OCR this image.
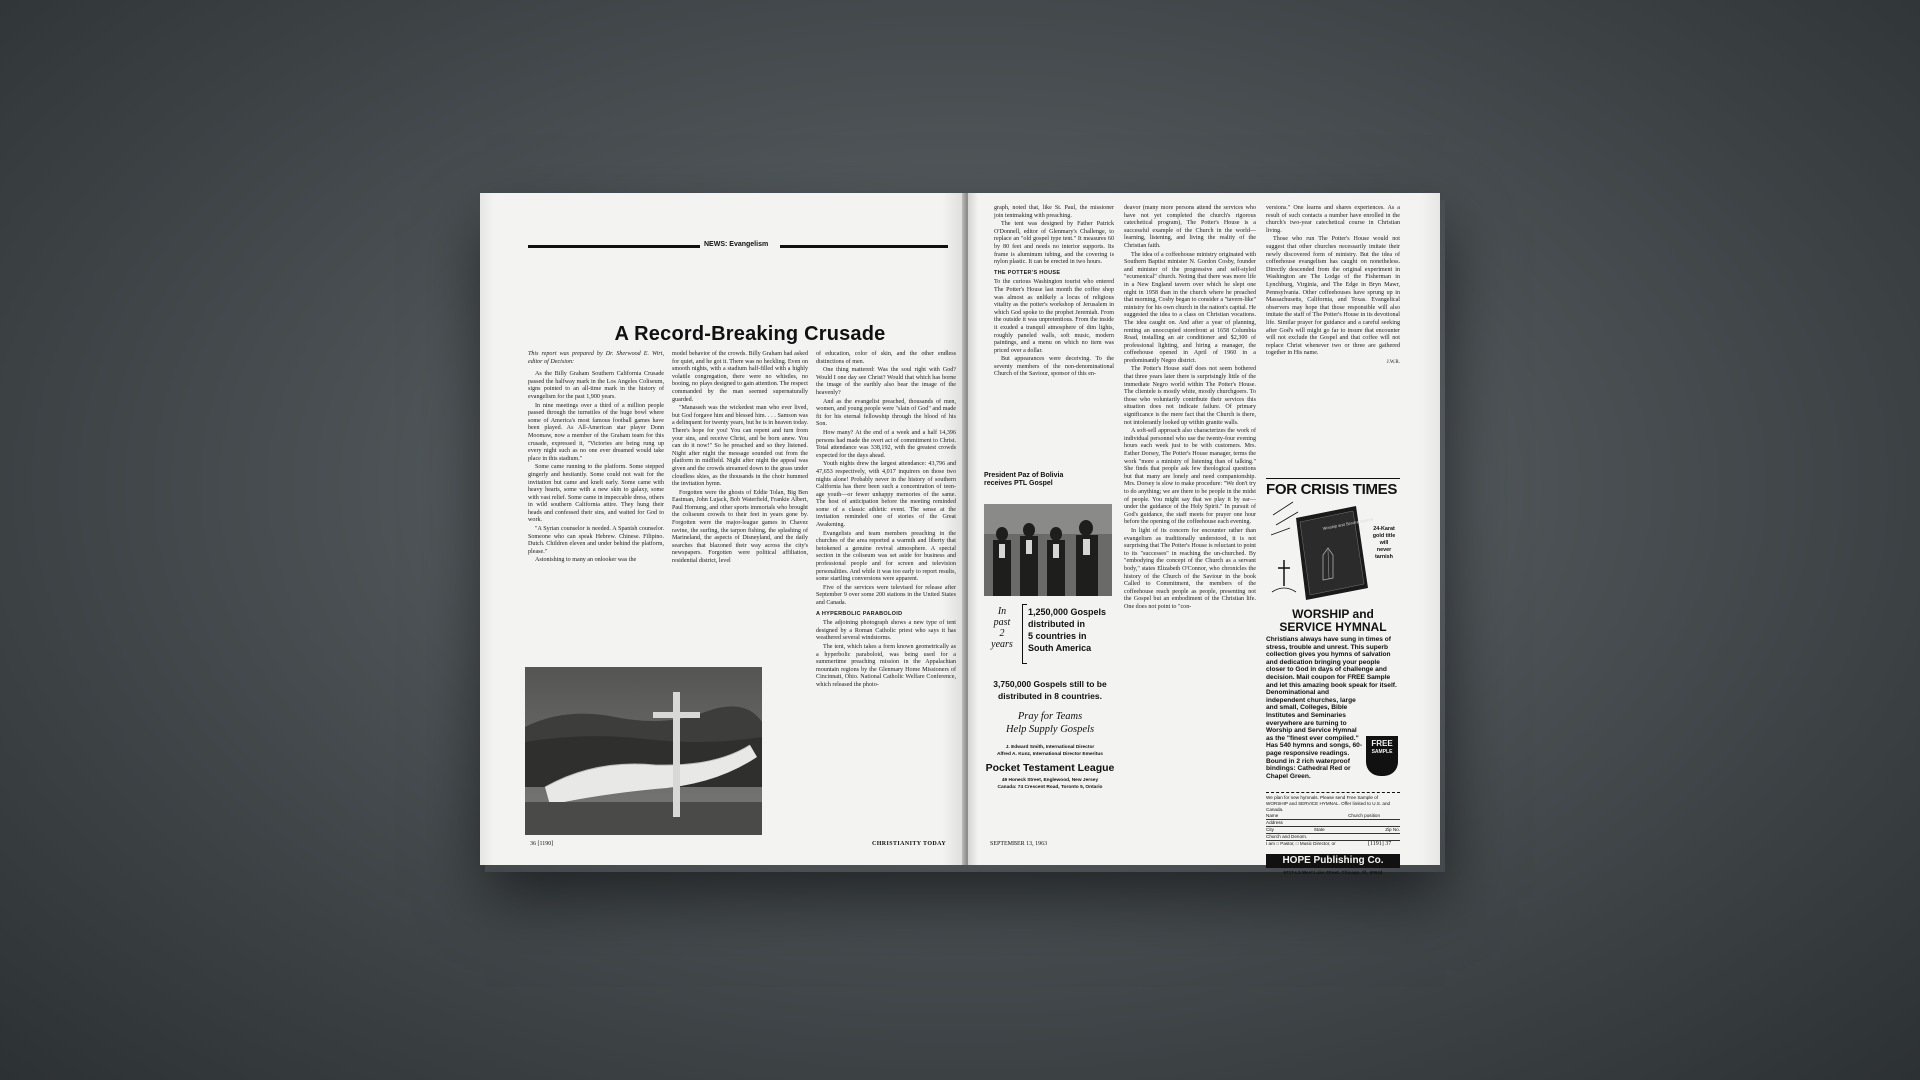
NEWS: Evangelism
A Record-Breaking Crusade

This report was prepared by Dr. Sherwood E. Wirt, editor of Decision:

As the Billy Graham Southern California Crusade passed the halfway mark in the Los Angeles Coliseum, signs pointed to an all-time mark in the history of evangelism for the past 1,900 years.

In nine meetings over a third of a million people passed through the turnstiles of the huge bowl where some of America's most famous football games have been played. As All-American star player Donn Moomaw, now a member of the Graham team for this crusade, expressed it, "Victories are being rung up every night such as no one ever dreamed would take place in this stadium."

Some came running to the platform. Some stepped gingerly and hesitantly. Some could not wait for the invitation but came and knelt early. Some came with heavy hearts, some with a new skin to galaxy, some with vast relief. Some came in impeccable dress, others in wild southern California attire. They hung their heads and confessed their sins, and waited for God to work.

"A Syrian counselor is needed. A Spanish counselor. Someone who can speak Hebrew. Chinese. Filipino. Dutch. Children eleven and under behind the platform, please."

Astonishing to many an onlooker was the

model behavior of the crowds. Billy Graham had asked for quiet, and he got it. There was no heckling. Even on smooth nights, with a stadium half-filled with a highly volatile congregation, there were no whistles, no booing, no plays designed to gain attention. The respect commanded by the man seemed supernaturally guarded.

"Manasseh was the wickedest man who ever lived, but God forgave him and blessed him. . . . Samson was a delinquent for twenty years, but he is in heaven today. There's hope for you! You can repent and turn from your sins, and receive Christ, and be born anew. You can do it now!" So he preached and so they listened. Night after night the message sounded out from the platform in midfield. Night after night the appeal was given and the crowds streamed down to the grass under cloudless skies, as the thousands in the choir hummed the invitation hymn.

Forgotten were the ghosts of Eddie Tolan, Big Ben Eastman, John Lujack, Bob Waterfield, Frankie Albert, Paul Hornung, and other sports immortals who brought the coliseum crowds to their feet in years gone by. Forgotten were the major-league games in Chavez ravine, the surfing, the tarpon fishing, the splashing of Marineland, the aspects of Disneyland, and the daily searches that blazoned their way across the city's newspapers. Forgotten were political affiliation, residential district, level

of education, color of skin, and the other endless distinctions of men.

One thing mattered: Was the soul right with God? Would I one day see Christ? Would that which has borne the image of the earthly also bear the image of the heavenly?

And as the evangelist preached, thousands of men, women, and young people were "slain of God" and made fit for his eternal fellowship through the blood of his Son.

How many? At the end of a week and a half 14,396 persons had made the overt act of commitment to Christ. Total attendance was 338,192, with the greatest crowds expected for the days ahead.

Youth nights drew the largest attendance: 43,796 and 47,653 respectively, with 4,017 inquirers on those two nights alone! Probably never in the history of southern California has there been such a concentration of teen-age youth—or fewer unhappy memories of the same. The host of anticipation before the meeting reminded some of a classic athletic event. The sense at the invitation reminded one of stories of the Great Awakening.

Evangelists and team members preaching in the churches of the area reported a warmth and liberty that betokened a genuine revival atmosphere. A special section in the coliseum was set aside for business and professional people and for screen and television personalities. And while it was too early to report results, some startling conversions were apparent.

Five of the services were televised for release after September 9 over some 200 stations in the United States and Canada.

A HYPERBOLIC PARABOLOID

The adjoining photograph shows a new type of tent designed by a Roman Catholic priest who says it has weathered several windstorms.

The tent, which takes a form known geometrically as a hyperbolic paraboloid, was being used for a summertime preaching mission in the Appalachian mountain regions by the Glenmary Home Missioners of Cincinnati, Ohio. National Catholic Welfare Conference, which released the photo-

36 [1190]	CHRISTIANITY TODAY

graph, noted that, like St. Paul, the missioner join tentmaking with preaching.

The tent was designed by Father Patrick O'Donnell, editor of Glenmary's Challenge, to replace an "old gospel type tent." It measures 60 by 80 feet and needs no interior supports. Its frame is aluminum tubing, and the covering is nylon plastic. It can be erected in two hours.

THE POTTER'S HOUSE

To the curious Washington tourist who entered The Potter's House last month the coffee shop was almost as unlikely a locus of religious vitality as the potter's workshop of Jerusalem in which God spoke to the prophet Jeremiah. From the outside it was unpretentious. From the inside it exuded a tranquil atmosphere of dim lights, roughly paneled walls, soft music, modern paintings, and a menu on which no item was priced over a dollar.

But appearances were deceiving. To the seventy members of the non-denominational Church of the Saviour, sponsor of this en-

President Paz of Bolivia
receives PTL Gospel
In
past
2
years
1,250,000 Gospels
distributed in
5 countries in
South America
3,750,000 Gospels still to be
distributed in 8 countries.
Pray for Teams
Help Supply Gospels
J. Edward Smith, International Director
Alfred A. Kunz, International Director Emeritus
Pocket Testament League
49 Honeck Street, Englewood, New Jersey
Canada: 74 Crescent Road, Toronto 5, Ontario

deavor (many more persons attend the services who have not yet completed the church's rigorous catechetical program), The Potter's House is a successful example of the Church in the world—learning, listening, and living the reality of the Christian faith.

The idea of a coffeehouse ministry originated with Southern Baptist minister N. Gordon Cosby, founder and minister of the progressive and self-styled "ecumenical" church. Noting that there was more life in a New England tavern over which he slept one night in 1958 than in the church where he preached that morning, Cosby began to consider a "tavern-like" ministry for his own church in the nation's capital. He suggested the idea to a class on Christian vocations. The idea caught on. And after a year of planning, renting an unoccupied storefront at 1658 Columbia Road, installing an air conditioner and $2,300 of professional lighting, and hiring a manager, the coffeehouse opened in April of 1960 in a predominantly Negro district.

The Potter's House staff does not seem bothered that three years later there is surprisingly little of the immediate Negro world within The Potter's House. The clientele is mostly white, mostly churchgoers. To those who voluntarily contribute their services this situation does not indicate failure. Of primary significance is the mere fact that the Church is there, not intolerantly looked up within granite walls.

A soft-sell approach also characterizes the work of individual personnel who use the twenty-four evening hours each week just to be with customers. Mrs. Esther Dorsey, The Potter's House manager, terms the work "more a ministry of listening than of talking." She finds that people ask few theological questions but that many are lonely and need companionship. Mrs. Dorsey is slow to make procedure: "We don't try to do anything; we are there to be people in the midst of people. You might say that we play it by ear—under the guidance of the Holy Spirit." In pursuit of God's guidance, the staff meets for prayer one hour before the opening of the coffeehouse each evening.

In light of its concern for encounter rather than evangelism as traditionally understood, it is not surprising that The Potter's House is reluctant to point to its "successes" in reaching the un-churched. By "embodying the concept of the Church as a servant body," states Elizabeth O'Connor, who chronicles the history of the Church of the Saviour in the book Called to Commitment, the members of the coffeehouse reach people as people, presenting not the Gospel but an embodiment of the Christian life. One does not point to "con-

versions." One learns and shares experiences. As a result of such contacts a number have enrolled in the church's two-year catechetical course in Christian living.

Those who run The Potter's House would not suggest that other churches necessarily imitate their newly discovered form of ministry. But the idea of coffeehouse evangelism has caught on nonetheless. Directly descended from the original experiment in Washington are The Lodge of the Fisherman in Lynchburg, Virginia, and The Edge in Bryn Mawr, Pennsylvania. Other coffeehouses have sprung up in Massachusetts, California, and Texas. Evangelical observers may hope that those responsible will also imitate the staff of The Potter's House in its devotional life. Similar prayer for guidance and a careful seeking after God's will might go far to insure that encounter will not exclude the Gospel and that coffee will not replace Christ whenever two or three are gathered together in His name.

J.W.R.
FOR CRISIS TIMES
Worship and Service Hymnal 24-Karat
gold title
will
never
tarnish
WORSHIP and
SERVICE HYMNAL
Christians always have sung in times of stress, trouble and unrest. This superb collection gives you hymns of salvation and dedication bringing your people closer to God in days of challenge and decision. Mail coupon for FREE Sample and let this amazing book speak for itself.
Denominational and independent churches, large and small, Colleges, Bible Institutes and Seminaries everywhere are turning to Worship and Service Hymnal as the "finest ever compiled." Has 540 hymns and songs, 60-page responsive readings. Bound in 2 rich waterproof bindings: Cathedral Red or Chapel Green.
FREE
SAMPLE
We plan for new hymnals. Please send Free Sample of WORSHIP and SERVICE HYMNAL. Offer limited to U.S. and Canada.
Name	Church position
Address
City	State	Zip No.
Church and Denom.
I am □ Pastor, □ Music Director, or
HOPE Publishing Co.
5717-L3 West Lake Street, Chicago, Ill., 60644
SEPTEMBER 13, 1963	[1191] 37
